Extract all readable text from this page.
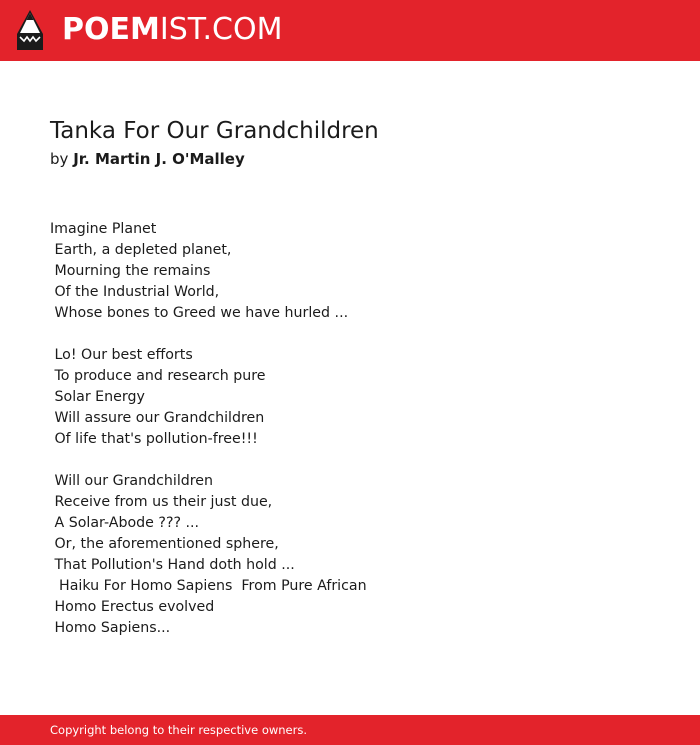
POEMIST.COM
Tanka For Our Grandchildren
by Jr. Martin J. O'Malley
Imagine Planet
Earth, a depleted planet,
Mourning the remains
Of the Industrial World,
Whose bones to Greed we have hurled ...
Lo! Our best efforts
To produce and research pure
Solar Energy
Will assure our Grandchildren
Of life that's pollution-free!!!
Will our Grandchildren
Receive from us their just due,
A Solar-Abode ??? ...
Or, the aforementioned sphere,
That Pollution's Hand doth hold ...
Haiku For Homo Sapiens  From Pure African
Homo Erectus evolved
Homo Sapiens...
Copyright belong to their respective owners.
